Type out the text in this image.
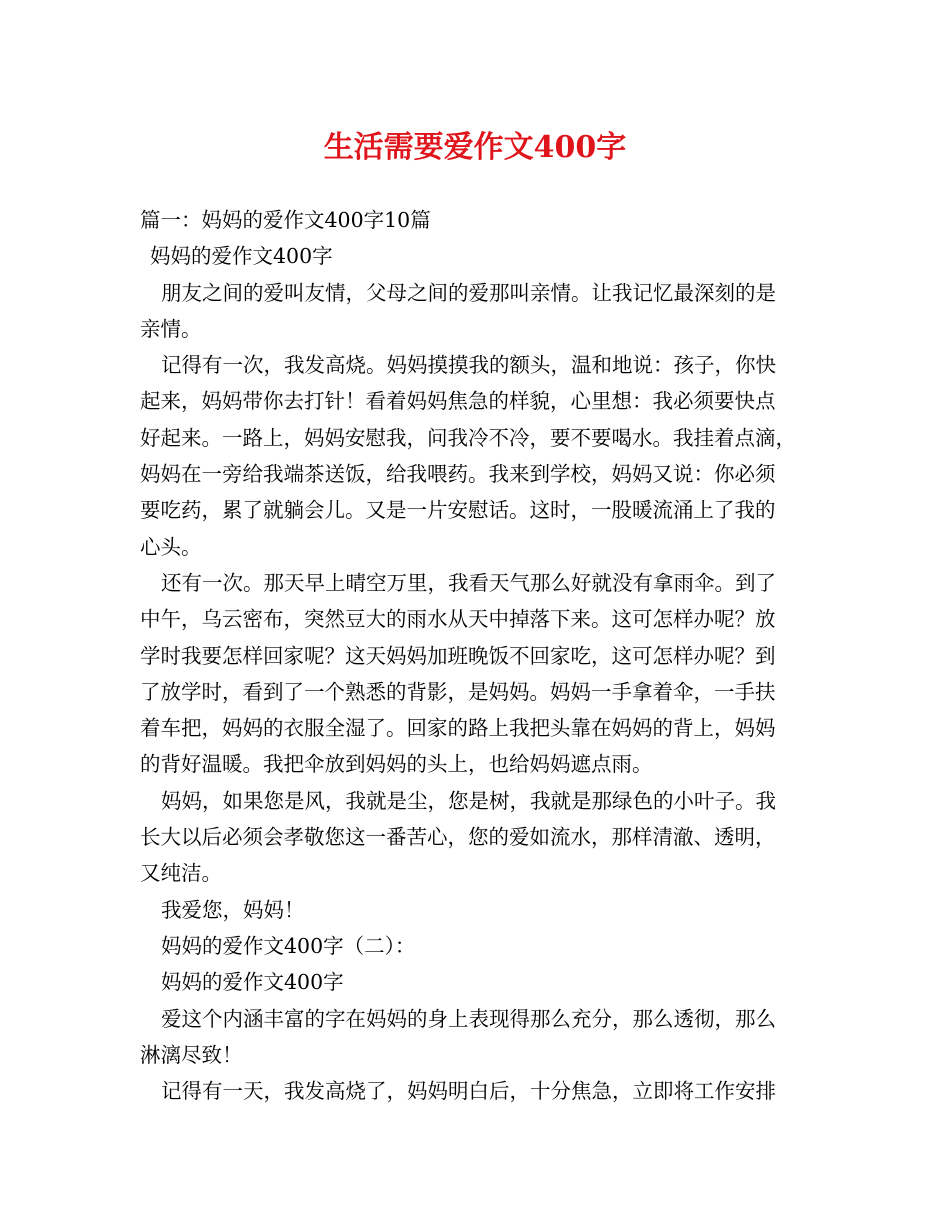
生活需要爱作文400字
篇一：妈妈的爱作文400字10篇
妈妈的爱作文400字
朋友之间的爱叫友情，父母之间的爱那叫亲情。让我记忆最深刻的是
亲情。
记得有一次，我发高烧。妈妈摸摸我的额头，温和地说：孩子，你快
起来，妈妈带你去打针！看着妈妈焦急的样貌，心里想：我必须要快点
好起来。一路上，妈妈安慰我，问我冷不冷，要不要喝水。我挂着点滴，
妈妈在一旁给我端茶送饭，给我喂药。我来到学校，妈妈又说：你必须
要吃药，累了就躺会儿。又是一片安慰话。这时，一股暖流涌上了我的
心头。
还有一次。那天早上晴空万里，我看天气那么好就没有拿雨伞。到了
中午，乌云密布，突然豆大的雨水从天中掉落下来。这可怎样办呢？放
学时我要怎样回家呢？这天妈妈加班晚饭不回家吃，这可怎样办呢？到
了放学时，看到了一个熟悉的背影，是妈妈。妈妈一手拿着伞，一手扶
着车把，妈妈的衣服全湿了。回家的路上我把头靠在妈妈的背上，妈妈
的背好温暖。我把伞放到妈妈的头上，也给妈妈遮点雨。
妈妈，如果您是风，我就是尘，您是树，我就是那绿色的小叶子。我
长大以后必须会孝敬您这一番苦心，您的爱如流水，那样清澈、透明，
又纯洁。
我爱您，妈妈！
妈妈的爱作文400字（二）：
妈妈的爱作文400字
爱这个内涵丰富的字在妈妈的身上表现得那么充分，那么透彻，那么
淋漓尽致！
记得有一天，我发高烧了，妈妈明白后，十分焦急，立即将工作安排
